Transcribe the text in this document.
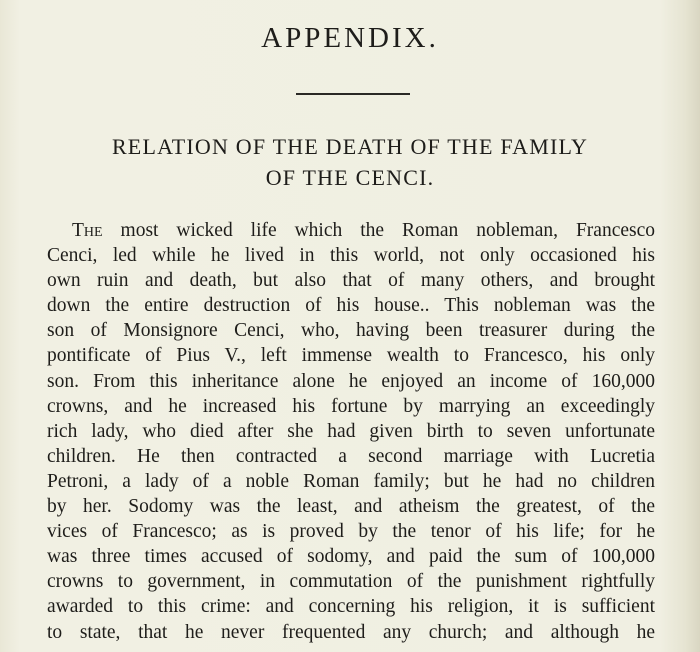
APPENDIX.
RELATION OF THE DEATH OF THE FAMILY
OF THE CENCI.
The most wicked life which the Roman nobleman, Francesco
Cenci, led while he lived in this world, not only occasioned his
own ruin and death, but also that of many others, and brought
down the entire destruction of his house.. This nobleman was the
son of Monsignore Cenci, who, having been treasurer during the
pontificate of Pius V., left immense wealth to Francesco, his only
son. From this inheritance alone he enjoyed an income of 160,000
crowns, and he increased his fortune by marrying an exceedingly
rich lady, who died after she had given birth to seven unfortunate
children. He then contracted a second marriage with Lucretia
Petroni, a lady of a noble Roman family; but he had no children
by her. Sodomy was the least, and atheism the greatest, of the
vices of Francesco; as is proved by the tenor of his life; for he
was three times accused of sodomy, and paid the sum of 100,000
crowns to government, in commutation of the punishment rightfully
awarded to this crime: and concerning his religion, it is sufficient
to state, that he never frequented any church; and although he
